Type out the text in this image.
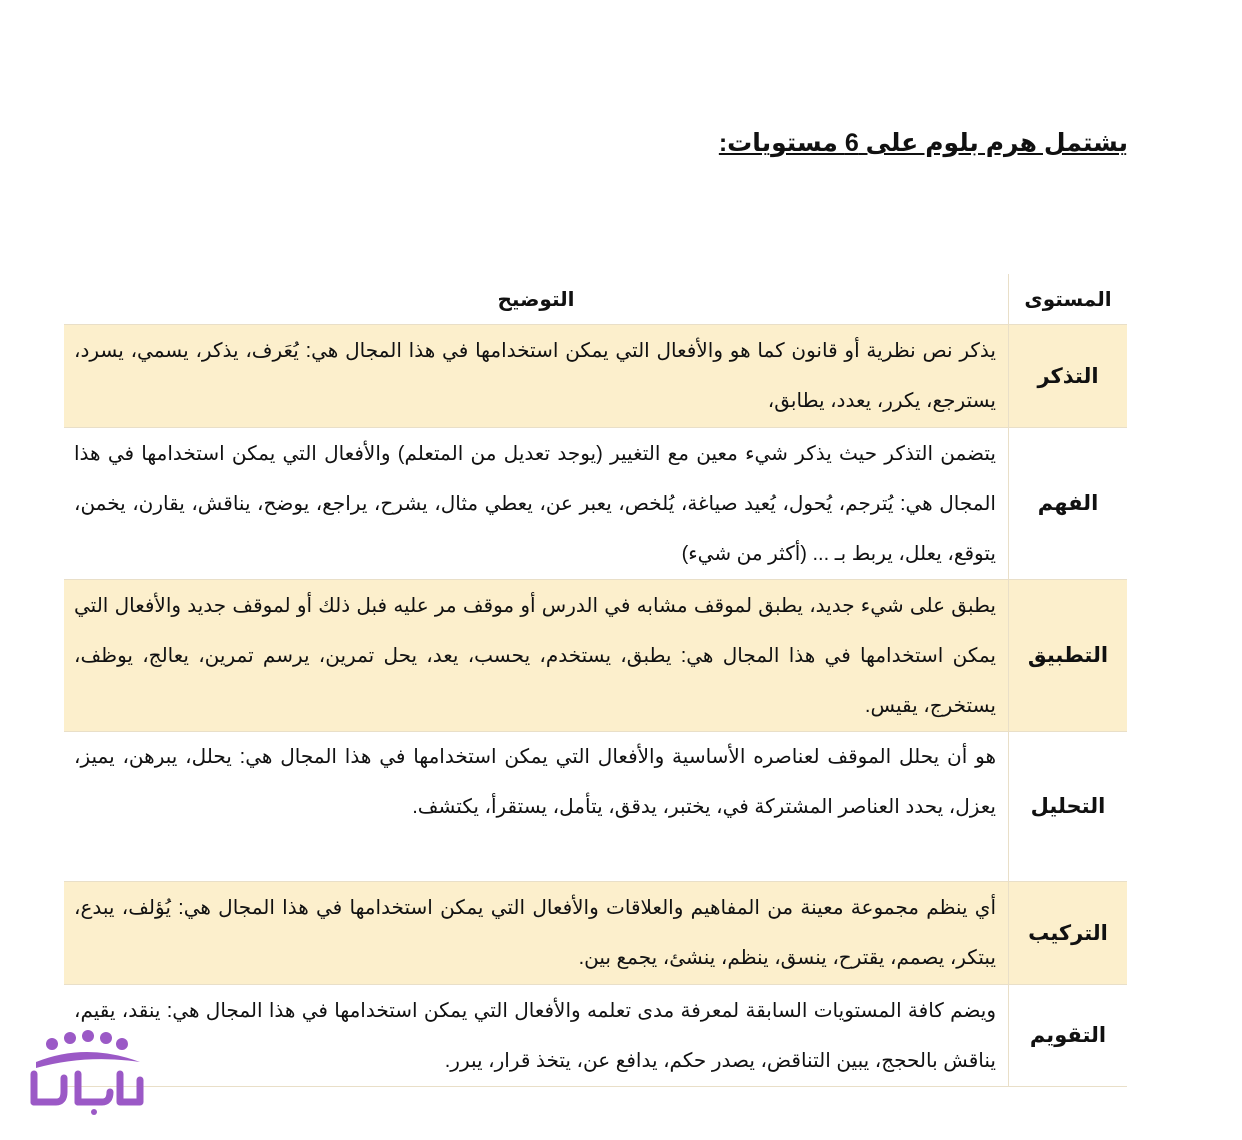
يشتمل هرم بلوم على 6 مستويات:
المستوى	التوضيح
التذكر	يذكر نص نظرية أو قانون كما هو والأفعال التي يمكن استخدامها في هذا المجال هي: يُعَرف، يذكر، يسمي، يسرد، يسترجع، يكرر، يعدد، يطابق،
الفهم	يتضمن التذكر حيث يذكر شيء معين مع التغيير (يوجد تعديل من المتعلم) والأفعال التي يمكن استخدامها في هذا المجال هي: يُترجم، يُحول، يُعيد صياغة، يُلخص، يعبر عن، يعطي مثال، يشرح، يراجع، يوضح، يناقش، يقارن، يخمن، يتوقع، يعلل، يربط بـ ... (أكثر من شيء)
التطبيق	يطبق على شيء جديد، يطبق لموقف مشابه في الدرس أو موقف مر عليه فبل ذلك أو لموقف جديد والأفعال التي يمكن استخدامها في هذا المجال هي: يطبق، يستخدم، يحسب، يعد، يحل تمرين، يرسم تمرين، يعالج، يوظف، يستخرج، يقيس.
التحليل	هو أن يحلل الموقف لعناصره الأساسية والأفعال التي يمكن استخدامها في هذا المجال هي: يحلل، يبرهن، يميز، يعزل، يحدد العناصر المشتركة في، يختبر، يدقق، يتأمل، يستقرأ، يكتشف.
التركيب	أي ينظم مجموعة معينة من المفاهيم والعلاقات والأفعال التي يمكن استخدامها في هذا المجال هي: يُؤلف، يبدع، يبتكر، يصمم، يقترح، ينسق، ينظم، ينشئ، يجمع بين.
التقويم	ويضم كافة المستويات السابقة لمعرفة مدى تعلمه والأفعال التي يمكن استخدامها في هذا المجال هي: ينقد، يقيم، يناقش بالحجج، يبين التناقض، يصدر حكم، يدافع عن، يتخذ قرار، يبرر.
